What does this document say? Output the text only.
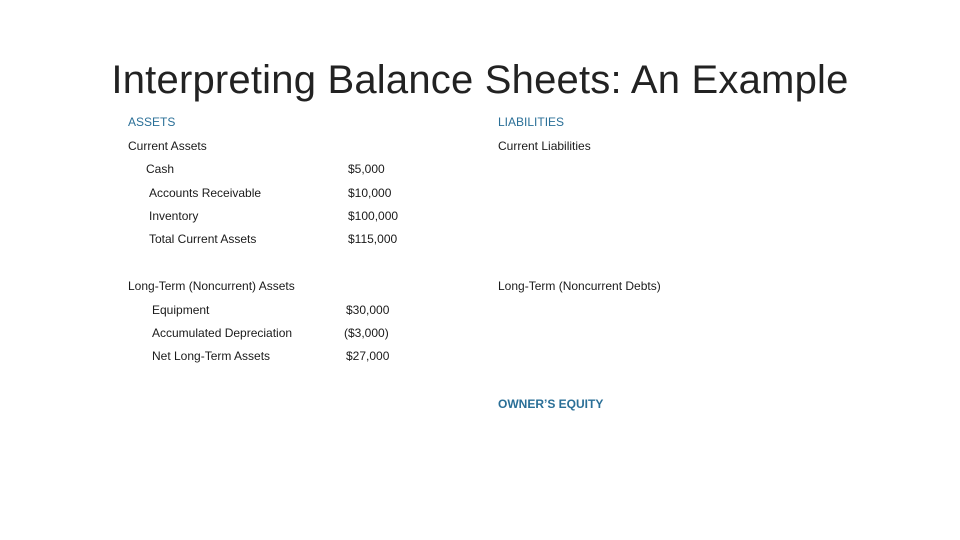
Interpreting Balance Sheets: An Example
ASSETS
Current Assets
Cash	$5,000
Accounts Receivable	$10,000
Inventory	$100,000
Total Current Assets	$115,000
Long-Term (Noncurrent) Assets
Equipment	$30,000
Accumulated Depreciation	($3,000)
Net Long-Term Assets	$27,000
LIABILITIES
Current Liabilities
Long-Term (Noncurrent Debts)
OWNER’S EQUITY
